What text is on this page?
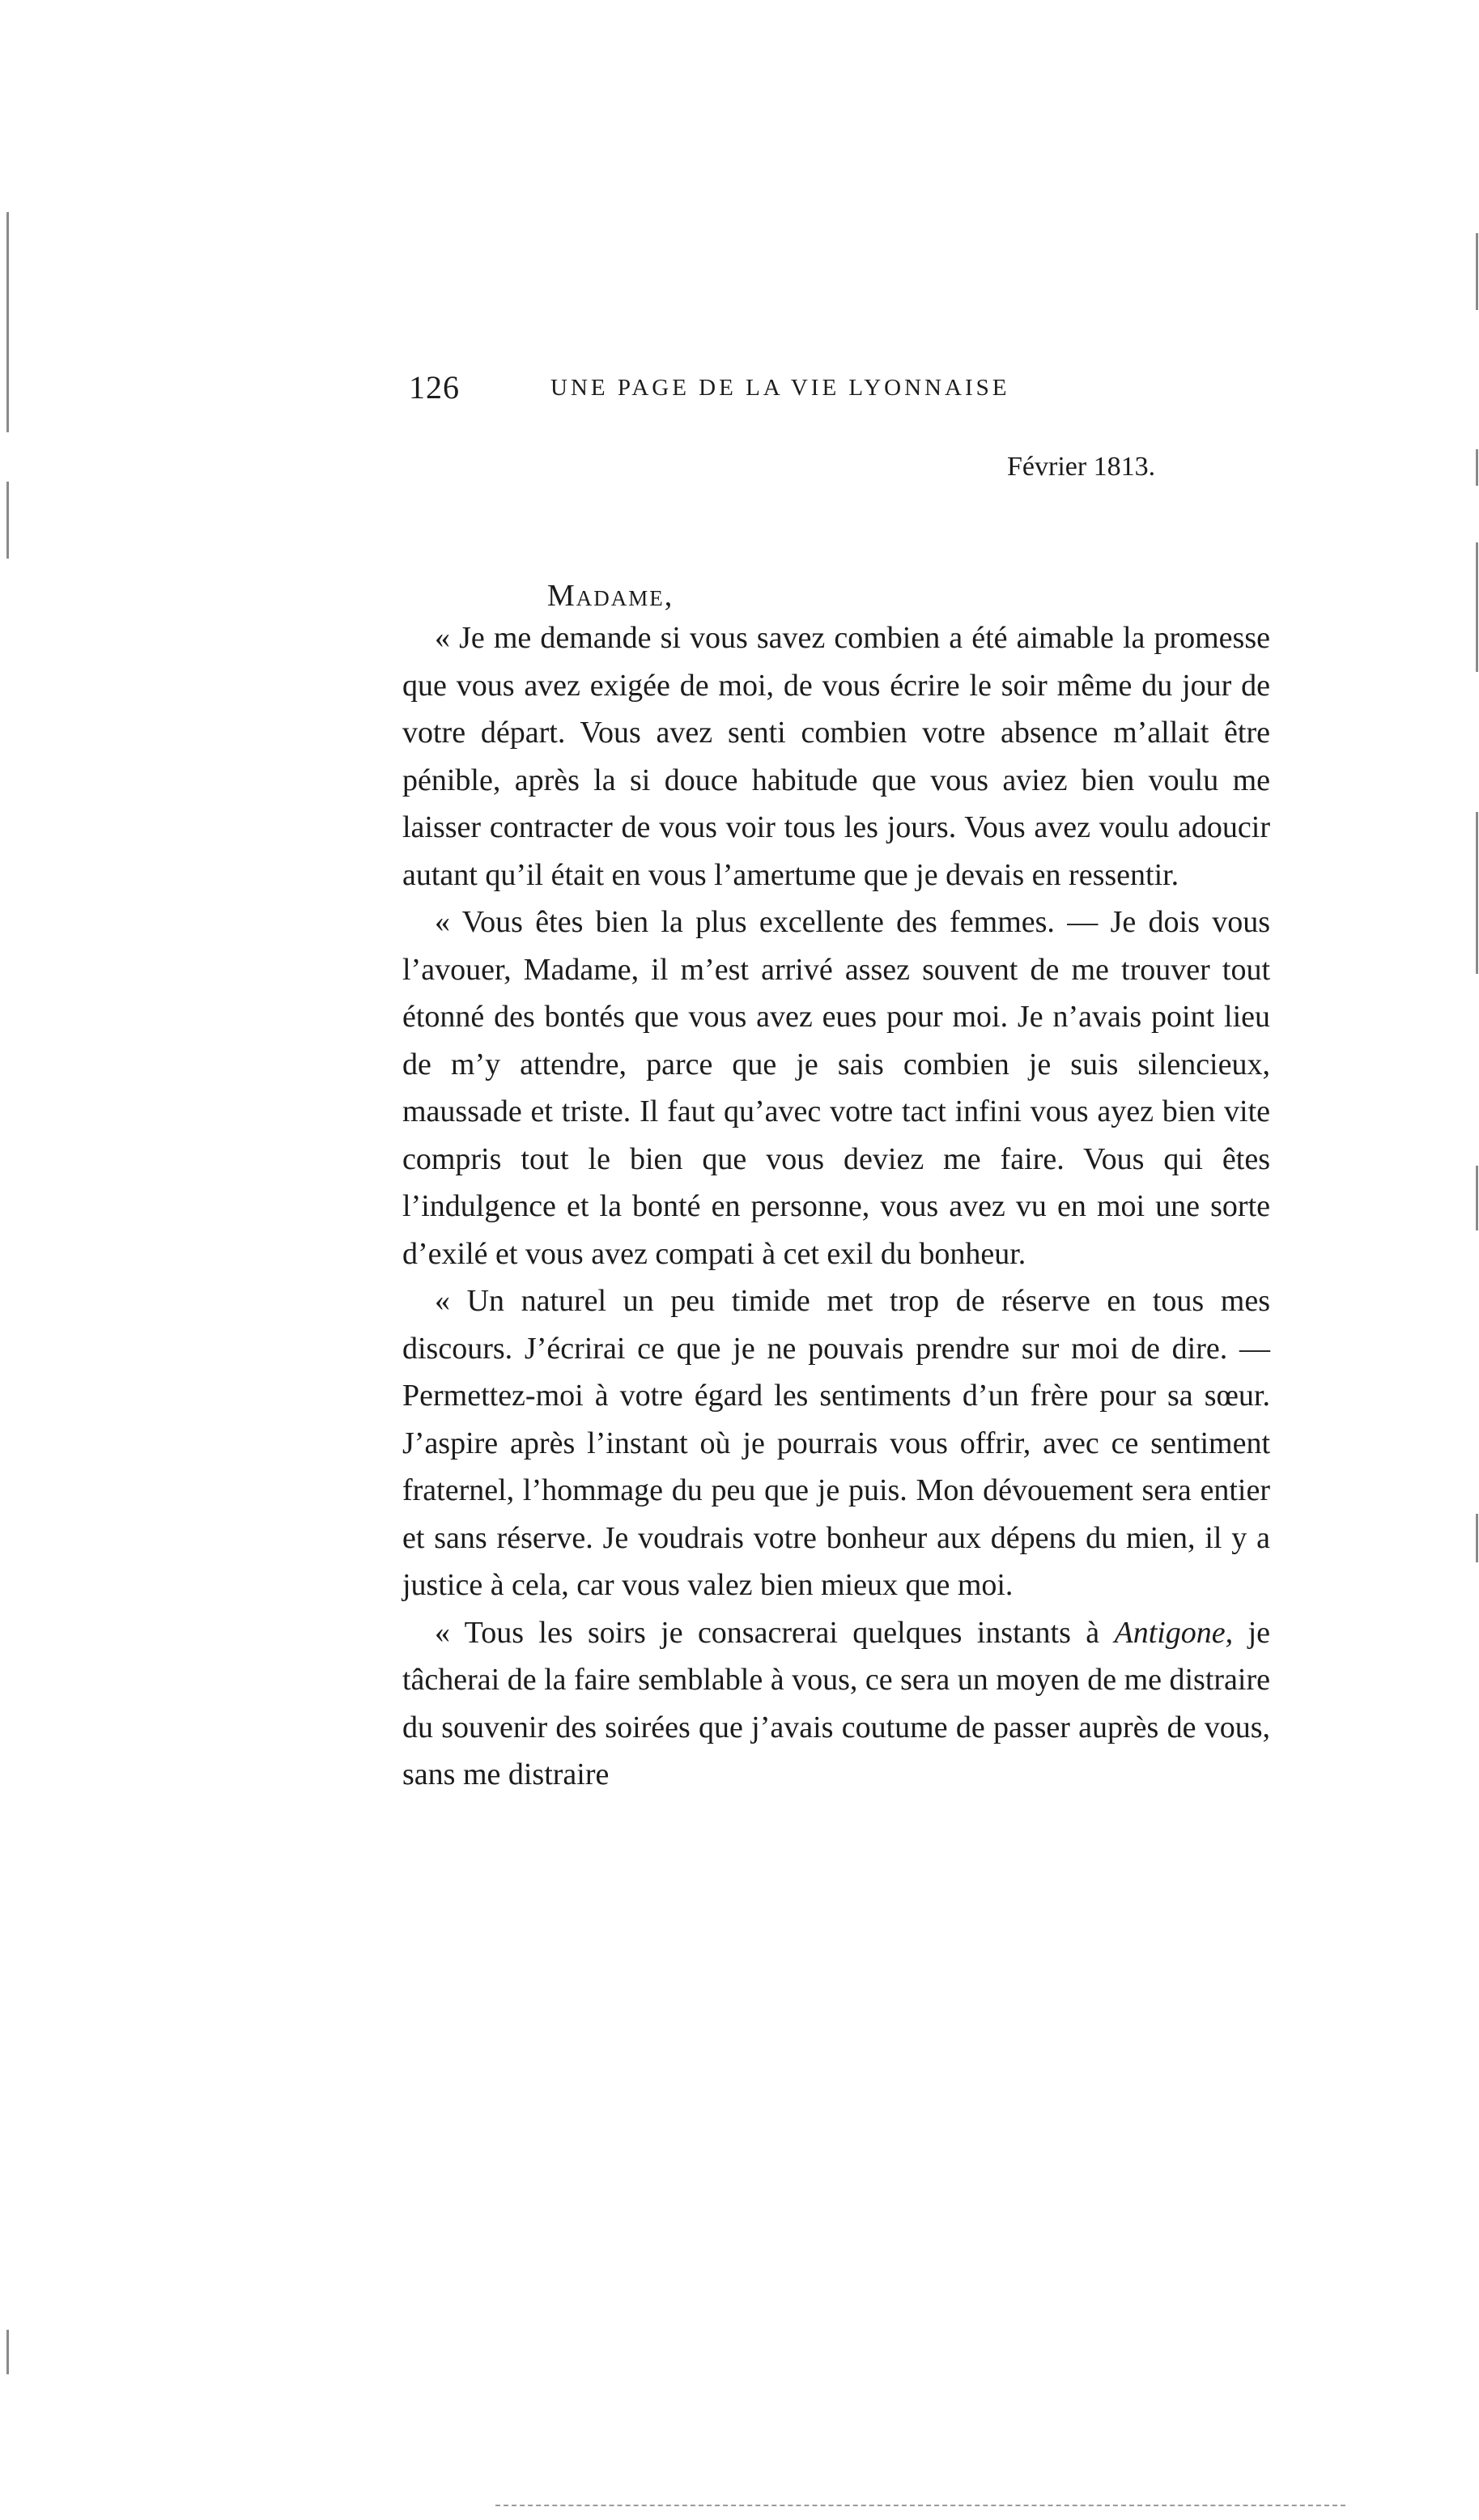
126	UNE PAGE DE LA VIE LYONNAISE
Février 1813.
Madame,

« Je me demande si vous savez combien a été aimable la promesse que vous avez exigée de moi, de vous écrire le soir même du jour de votre départ. Vous avez senti combien votre absence m’allait être pénible, après la si douce habitude que vous aviez bien voulu me laisser contracter de vous voir tous les jours. Vous avez voulu adoucir autant qu’il était en vous l’amertume que je devais en ressentir.

« Vous êtes bien la plus excellente des femmes. — Je dois vous l’avouer, Madame, il m’est arrivé assez souvent de me trouver tout étonné des bontés que vous avez eues pour moi. Je n’avais point lieu de m’y attendre, parce que je sais combien je suis silencieux, maussade et triste. Il faut qu’avec votre tact infini vous ayez bien vite compris tout le bien que vous deviez me faire. Vous qui êtes l’indulgence et la bonté en personne, vous avez vu en moi une sorte d’exilé et vous avez compati à cet exil du bonheur.

« Un naturel un peu timide met trop de réserve en tous mes discours. J’écrirai ce que je ne pouvais prendre sur moi de dire. — Permettez-moi à votre égard les sentiments d’un frère pour sa sœur. J’aspire après l’instant où je pourrais vous offrir, avec ce sentiment fraternel, l’hommage du peu que je puis. Mon dévouement sera entier et sans réserve. Je voudrais votre bonheur aux dépens du mien, il y a justice à cela, car vous valez bien mieux que moi.

« Tous les soirs je consacrerai quelques instants à Antigone, je tâcherai de la faire semblable à vous, ce sera un moyen de me distraire du souvenir des soirées que j’avais coutume de passer auprès de vous, sans me distraire
